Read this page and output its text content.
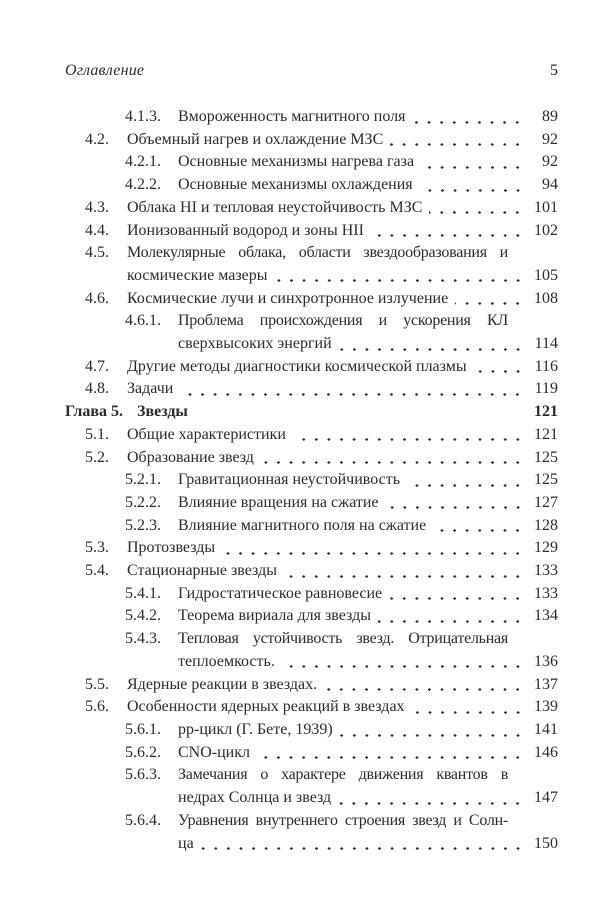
Оглавление	5
4.1.3.	Вмороженность магнитного поля	89
4.2.	Объемный нагрев и охлаждение МЗС	92
4.2.1.	Основные механизмы нагрева газа	92
4.2.2.	Основные механизмы охлаждения	94
4.3.	Облака HI и тепловая неустойчивость МЗС	101
4.4.	Ионизованный водород и зоны HII	102
4.5.	Молекулярные облака, области звездообразования и
космические мазеры	105
4.6.	Космические лучи и синхротронное излучение	108
4.6.1.	Проблема происхождения и ускорения КЛ
сверхвысоких энергий	114
4.7.	Другие методы диагностики космической плазмы	116
4.8.	Задачи	119
Глава 5. Звезды	121
5.1.	Общие характеристики	121
5.2.	Образование звезд	125
5.2.1.	Гравитационная неустойчивость	125
5.2.2.	Влияние вращения на сжатие	127
5.2.3.	Влияние магнитного поля на сжатие	128
5.3.	Протозвезды	129
5.4.	Стационарные звезды	133
5.4.1.	Гидростатическое равновесие	133
5.4.2.	Теорема вириала для звезды	134
5.4.3.	Тепловая устойчивость звезд. Отрицательная
теплоемкость.	136
5.5.	Ядерные реакции в звездах.	137
5.6.	Особенности ядерных реакций в звездах	139
5.6.1.	pp-цикл (Г. Бете, 1939)	141
5.6.2.	CNO-цикл	146
5.6.3.	Замечания о характере движения квантов в
недрах Солнца и звезд	147
5.6.4.	Уравнения внутреннего строения звезд и Солн-
ца	150
